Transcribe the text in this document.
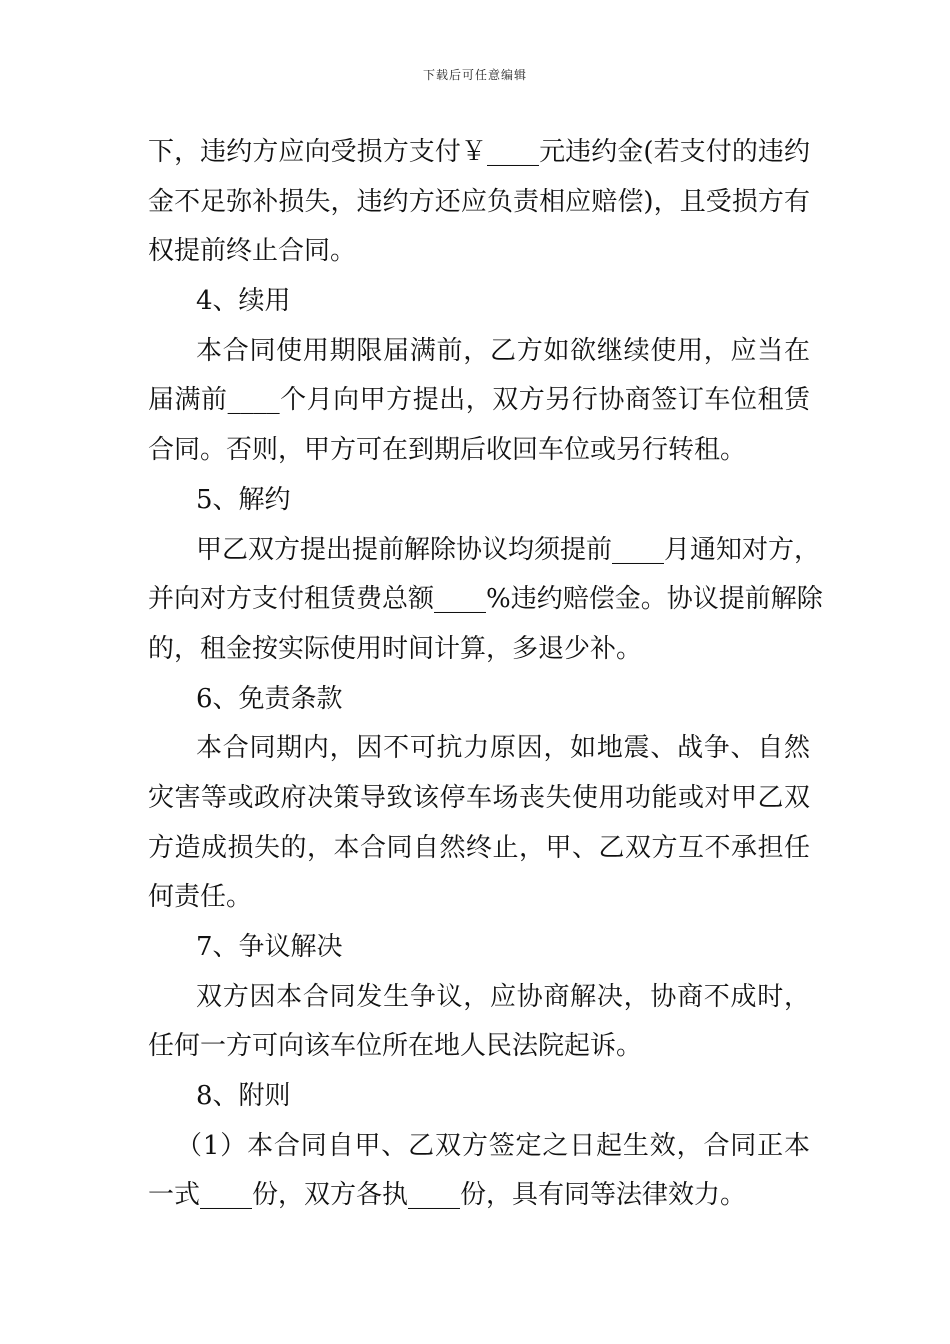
下载后可任意编辑
下，违约方应向受损方支付￥____元违约金(若支付的违约
金不足弥补损失，违约方还应负责相应赔偿)，且受损方有
权提前终止合同。
4、续用
本合同使用期限届满前，乙方如欲继续使用，应当在
届满前____个月向甲方提出，双方另行协商签订车位租赁
合同。否则，甲方可在到期后收回车位或另行转租。
5、解约
甲乙双方提出提前解除协议均须提前____月通知对方，
并向对方支付租赁费总额____%违约赔偿金。协议提前解除
的，租金按实际使用时间计算，多退少补。
6、免责条款
本合同期内，因不可抗力原因，如地震、战争、自然
灾害等或政府决策导致该停车场丧失使用功能或对甲乙双
方造成损失的，本合同自然终止，甲、乙双方互不承担任
何责任。
7、争议解决
双方因本合同发生争议，应协商解决，协商不成时，
任何一方可向该车位所在地人民法院起诉。
8、附则
（1）本合同自甲、乙双方签定之日起生效，合同正本
一式____份，双方各执____份，具有同等法律效力。
